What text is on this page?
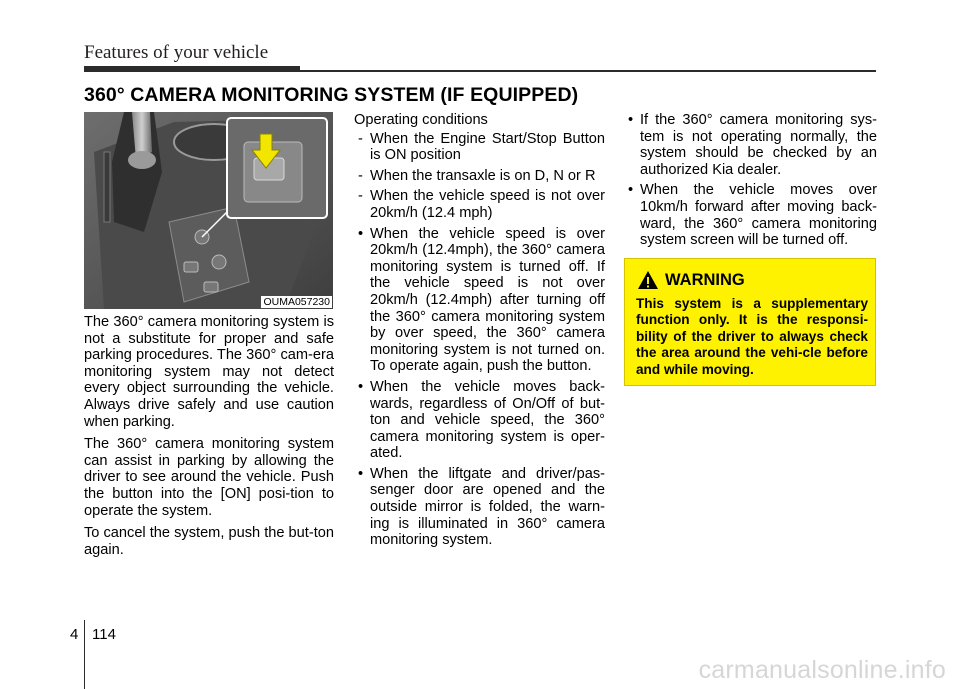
Features of your vehicle
360° CAMERA MONITORING SYSTEM (IF EQUIPPED)
OUMA057230

The 360° camera monitoring system is not a substitute for proper and safe parking procedures. The 360° cam-era monitoring system may not detect every object surrounding the vehicle. Always drive safely and use caution when parking.

The 360° camera monitoring system can assist in parking by allowing the driver to see around the vehicle. Push the button into the [ON] posi-tion to operate the system.

To cancel the system, push the but-ton again.

Operating conditions
- When the Engine Start/Stop Button is ON position
- When the transaxle is on D, N or R
- When the vehicle speed is not over 20km/h (12.4 mph)
• When the vehicle speed is over 20km/h (12.4mph), the 360° camera monitoring system is turned off. If the vehicle speed is not over 20km/h (12.4mph) after turning off the 360° camera monitoring system by over speed, the 360° camera monitoring system is not turned on. To operate again, push the button.
• When the vehicle moves back-wards, regardless of On/Off of but-ton and vehicle speed, the 360° camera monitoring system is oper-ated.
• When the liftgate and driver/pas-senger door are opened and the outside mirror is folded, the warn-ing is illuminated in 360° camera monitoring system.
• If the 360° camera monitoring sys-tem is not operating normally, the system should be checked by an authorized Kia dealer.
• When the vehicle moves over 10km/h forward after moving back-ward, the 360° camera monitoring system screen will be turned off.
WARNING
This system is a supplementary function only. It is the responsi-bility of the driver to always check the area around the vehi-cle before and while moving.
4 114
carmanualsonline.info
